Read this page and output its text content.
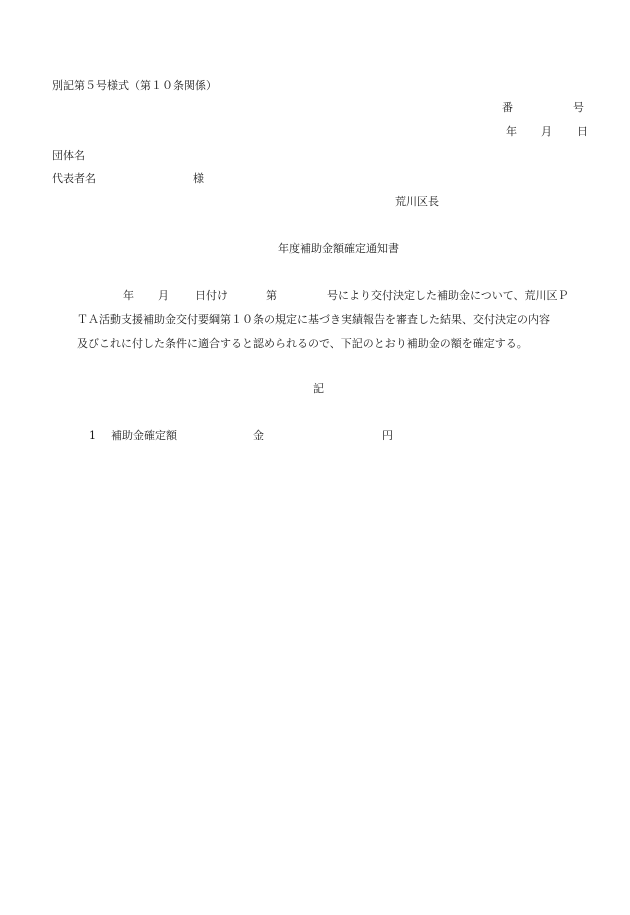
別記第５号様式（第１０条関係）
番	号
年 月 日
団体名
代表者名	様
荒川区長
年度補助金額確定通知書
年 月 日付け	第	号により交付決定した補助金について、荒川区Ｐ
ＴＡ活動支援補助金交付要綱第１０条の規定に基づき実績報告を審査した結果、交付決定の内容
及びこれに付した条件に適合すると認められるので、下記のとおり補助金の額を確定する。
記
1 補助金確定額	金	円
